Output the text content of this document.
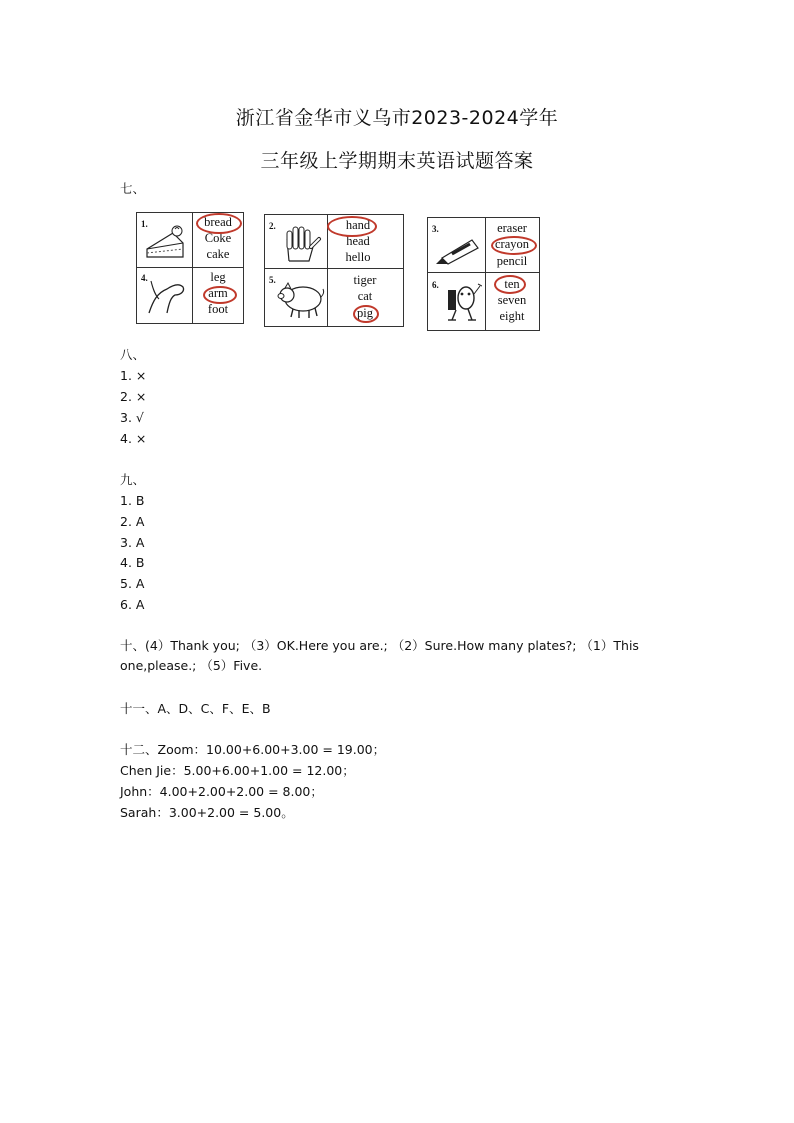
浙江省金华市义乌市2023-2024学年
三年级上学期期末英语试题答案
七、
1.
4.
bread
Coke
cake
leg
arm
foot
2.
5.
hand
head
hello
tiger
cat
pig
3.
6.
eraser
crayon
pencil
ten
seven
eight
八、
1. ×
2. ×
3. √
4. ×
九、
1. B
2. A
3. A
4. B
5. A
6. A
十、(4）Thank you; （3）OK.Here you are.; （2）Sure.How many plates?; （1）This one,please.; （5）Five.
十一、A、D、C、F、E、B
十二、Zoom：10.00+6.00+3.00 = 19.00；
Chen Jie：5.00+6.00+1.00 = 12.00；
John：4.00+2.00+2.00 = 8.00；
Sarah：3.00+2.00 = 5.00。
